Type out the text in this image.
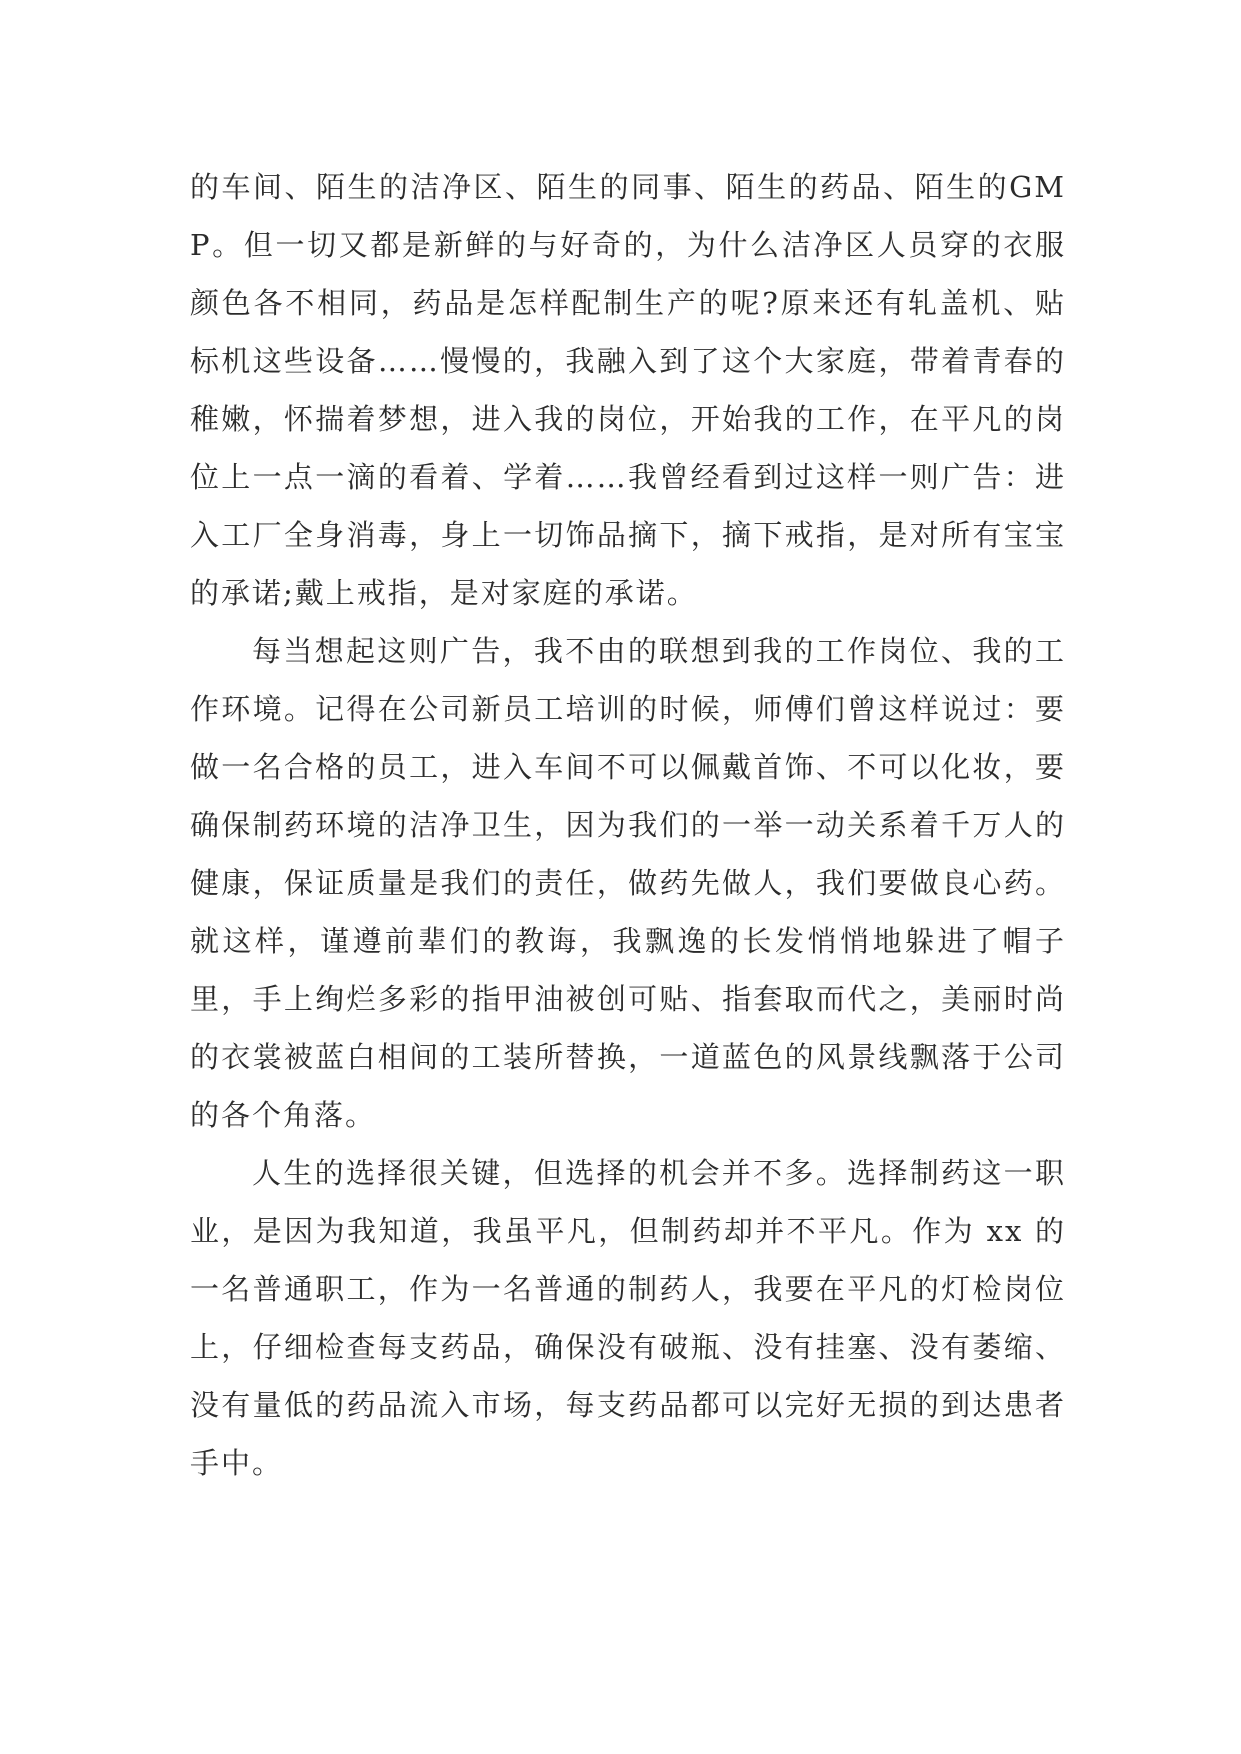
的车间、陌生的洁净区、陌生的同事、陌生的药品、陌生的GMP。但一切又都是新鲜的与好奇的，为什么洁净区人员穿的衣服颜色各不相同，药品是怎样配制生产的呢?原来还有轧盖机、贴标机这些设备……慢慢的，我融入到了这个大家庭，带着青春的稚嫩，怀揣着梦想，进入我的岗位，开始我的工作，在平凡的岗位上一点一滴的看着、学着……我曾经看到过这样一则广告：进入工厂全身消毒，身上一切饰品摘下，摘下戒指，是对所有宝宝的承诺;戴上戒指，是对家庭的承诺。

每当想起这则广告，我不由的联想到我的工作岗位、我的工作环境。记得在公司新员工培训的时候，师傅们曾这样说过：要做一名合格的员工，进入车间不可以佩戴首饰、不可以化妆，要确保制药环境的洁净卫生，因为我们的一举一动关系着千万人的健康，保证质量是我们的责任，做药先做人，我们要做良心药。就这样，谨遵前辈们的教诲，我飘逸的长发悄悄地躲进了帽子里，手上绚烂多彩的指甲油被创可贴、指套取而代之，美丽时尚的衣裳被蓝白相间的工装所替换，一道蓝色的风景线飘落于公司的各个角落。

人生的选择很关键，但选择的机会并不多。选择制药这一职业，是因为我知道，我虽平凡，但制药却并不平凡。作为 xx 的一名普通职工，作为一名普通的制药人，我要在平凡的灯检岗位上，仔细检查每支药品，确保没有破瓶、没有挂塞、没有萎缩、没有量低的药品流入市场，每支药品都可以完好无损的到达患者手中。
